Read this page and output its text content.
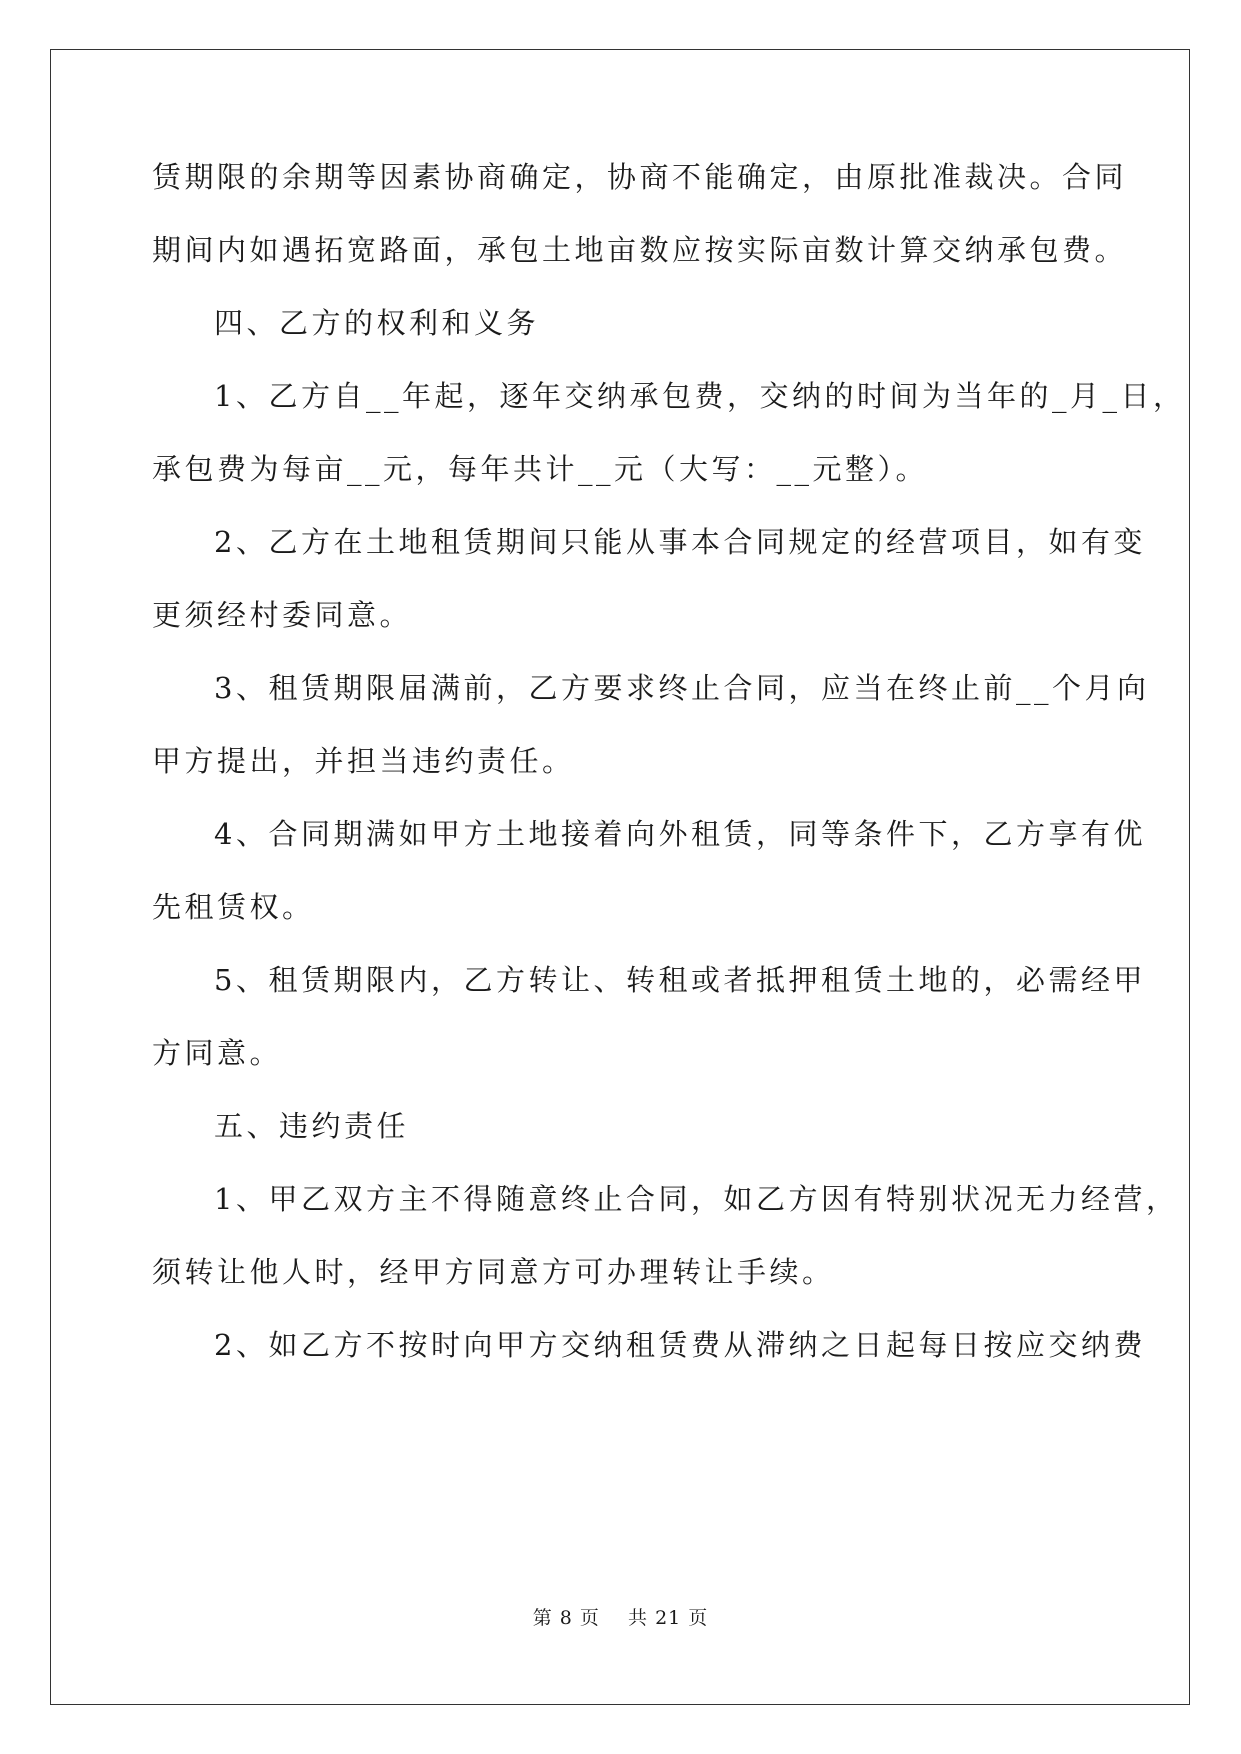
赁期限的余期等因素协商确定，协商不能确定，由原批准裁决。合同
期间内如遇拓宽路面，承包土地亩数应按实际亩数计算交纳承包费。
四、乙方的权利和义务
1、乙方自__年起，逐年交纳承包费，交纳的时间为当年的_月_日，
承包费为每亩__元，每年共计__元（大写：__元整）。
2、乙方在土地租赁期间只能从事本合同规定的经营项目，如有变
更须经村委同意。
3、租赁期限届满前，乙方要求终止合同，应当在终止前__个月向
甲方提出，并担当违约责任。
4、合同期满如甲方土地接着向外租赁，同等条件下，乙方享有优
先租赁权。
5、租赁期限内，乙方转让、转租或者抵押租赁土地的，必需经甲
方同意。
五、违约责任
1、甲乙双方主不得随意终止合同，如乙方因有特别状况无力经营，
须转让他人时，经甲方同意方可办理转让手续。
2、如乙方不按时向甲方交纳租赁费从滞纳之日起每日按应交纳费
第 8 页    共 21 页
